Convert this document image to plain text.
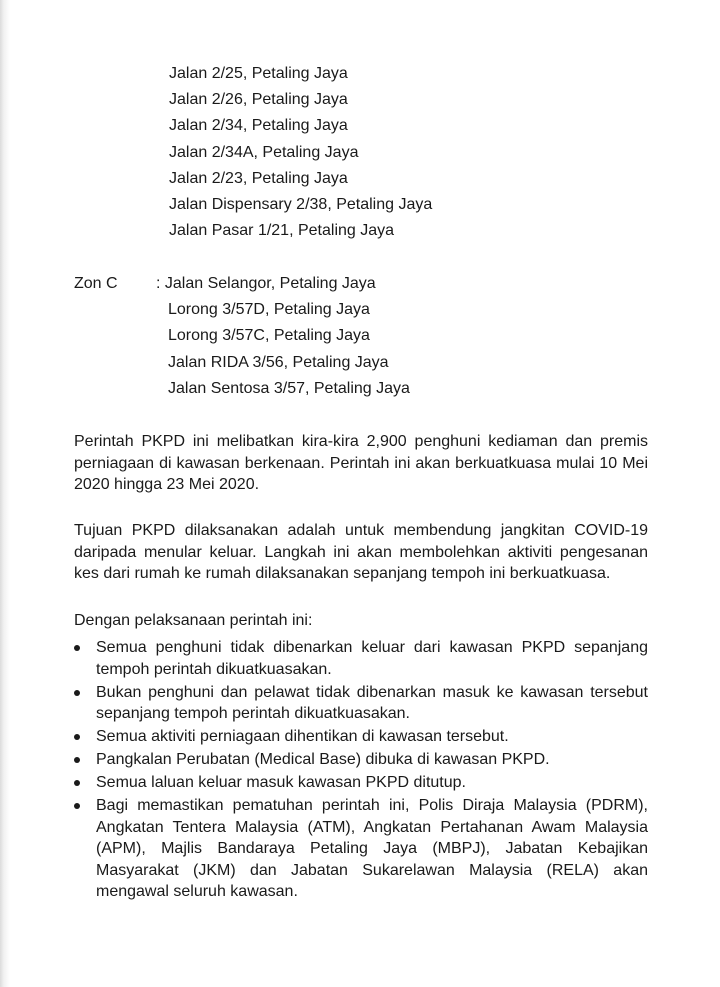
Jalan 2/25, Petaling Jaya
Jalan 2/26, Petaling Jaya
Jalan 2/34, Petaling Jaya
Jalan 2/34A, Petaling Jaya
Jalan 2/23, Petaling Jaya
Jalan Dispensary 2/38, Petaling Jaya
Jalan Pasar 1/21, Petaling Jaya
Zon C : Jalan Selangor, Petaling Jaya
Lorong 3/57D, Petaling Jaya
Lorong 3/57C, Petaling Jaya
Jalan RIDA 3/56, Petaling Jaya
Jalan Sentosa 3/57, Petaling Jaya

Perintah PKPD ini melibatkan kira-kira 2,900 penghuni kediaman dan premis perniagaan di kawasan berkenaan. Perintah ini akan berkuatkuasa mulai 10 Mei 2020 hingga 23 Mei 2020.

Tujuan PKPD dilaksanakan adalah untuk membendung jangkitan COVID-19 daripada menular keluar. Langkah ini akan membolehkan aktiviti pengesanan kes dari rumah ke rumah dilaksanakan sepanjang tempoh ini berkuatkuasa.

Dengan pelaksanaan perintah ini:

Semua penghuni tidak dibenarkan keluar dari kawasan PKPD sepanjang tempoh perintah dikuatkuasakan.
Bukan penghuni dan pelawat tidak dibenarkan masuk ke kawasan tersebut sepanjang tempoh perintah dikuatkuasakan.
Semua aktiviti perniagaan dihentikan di kawasan tersebut.
Pangkalan Perubatan (Medical Base) dibuka di kawasan PKPD.
Semua laluan keluar masuk kawasan PKPD ditutup.
Bagi memastikan pematuhan perintah ini, Polis Diraja Malaysia (PDRM), Angkatan Tentera Malaysia (ATM), Angkatan Pertahanan Awam Malaysia (APM), Majlis Bandaraya Petaling Jaya (MBPJ), Jabatan Kebajikan Masyarakat (JKM) dan Jabatan Sukarelawan Malaysia (RELA) akan mengawal seluruh kawasan.
